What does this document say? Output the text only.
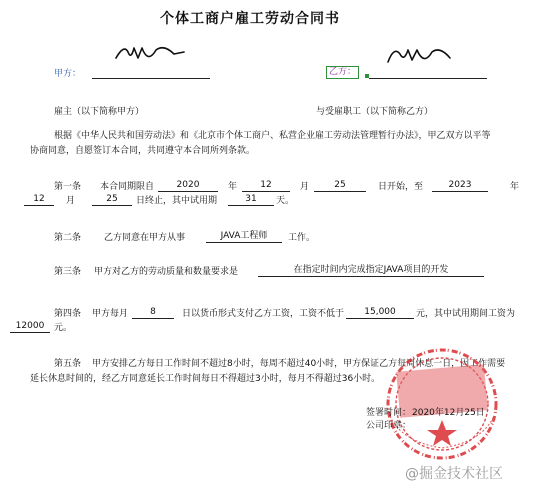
个体工商户雇工劳动合同书
甲方：	乙方：
雇主（以下简称甲方）	与受雇职工（以下简称乙方）
根据《中华人民共和国劳动法》和《北京市个体工商户、私营企业雇工劳动法管理暂行办法》，甲乙双方以平等
协商同意，自愿签订本合同，共同遵守本合同所列条款。
第一条 本合同期限自	2020	年	12	月	25	日开始，至	2023	年
12	月	25	日终止，其中试用期	31	天。
第二条	乙方同意在甲方从事	JAVA工程师	工作。
第三条 甲方对乙方的劳动质量和数量要求是	在指定时间内完成指定JAVA项目的开发
第四条 甲方每月	8	日以货币形式支付乙方工资，工资不低于	15,000	元，其中试用期间工资为
12000	元。
第五条 甲方安排乙方每日工作时间不超过8小时，每周不超过40小时，甲方保证乙方每周休息一日，因工作需要
延长休息时间的，经乙方同意延长工作时间每日不得超过3小时，每月不得超过36小时。
签署时间： 2020年12月25日
公司印章：
@掘金技术社区
